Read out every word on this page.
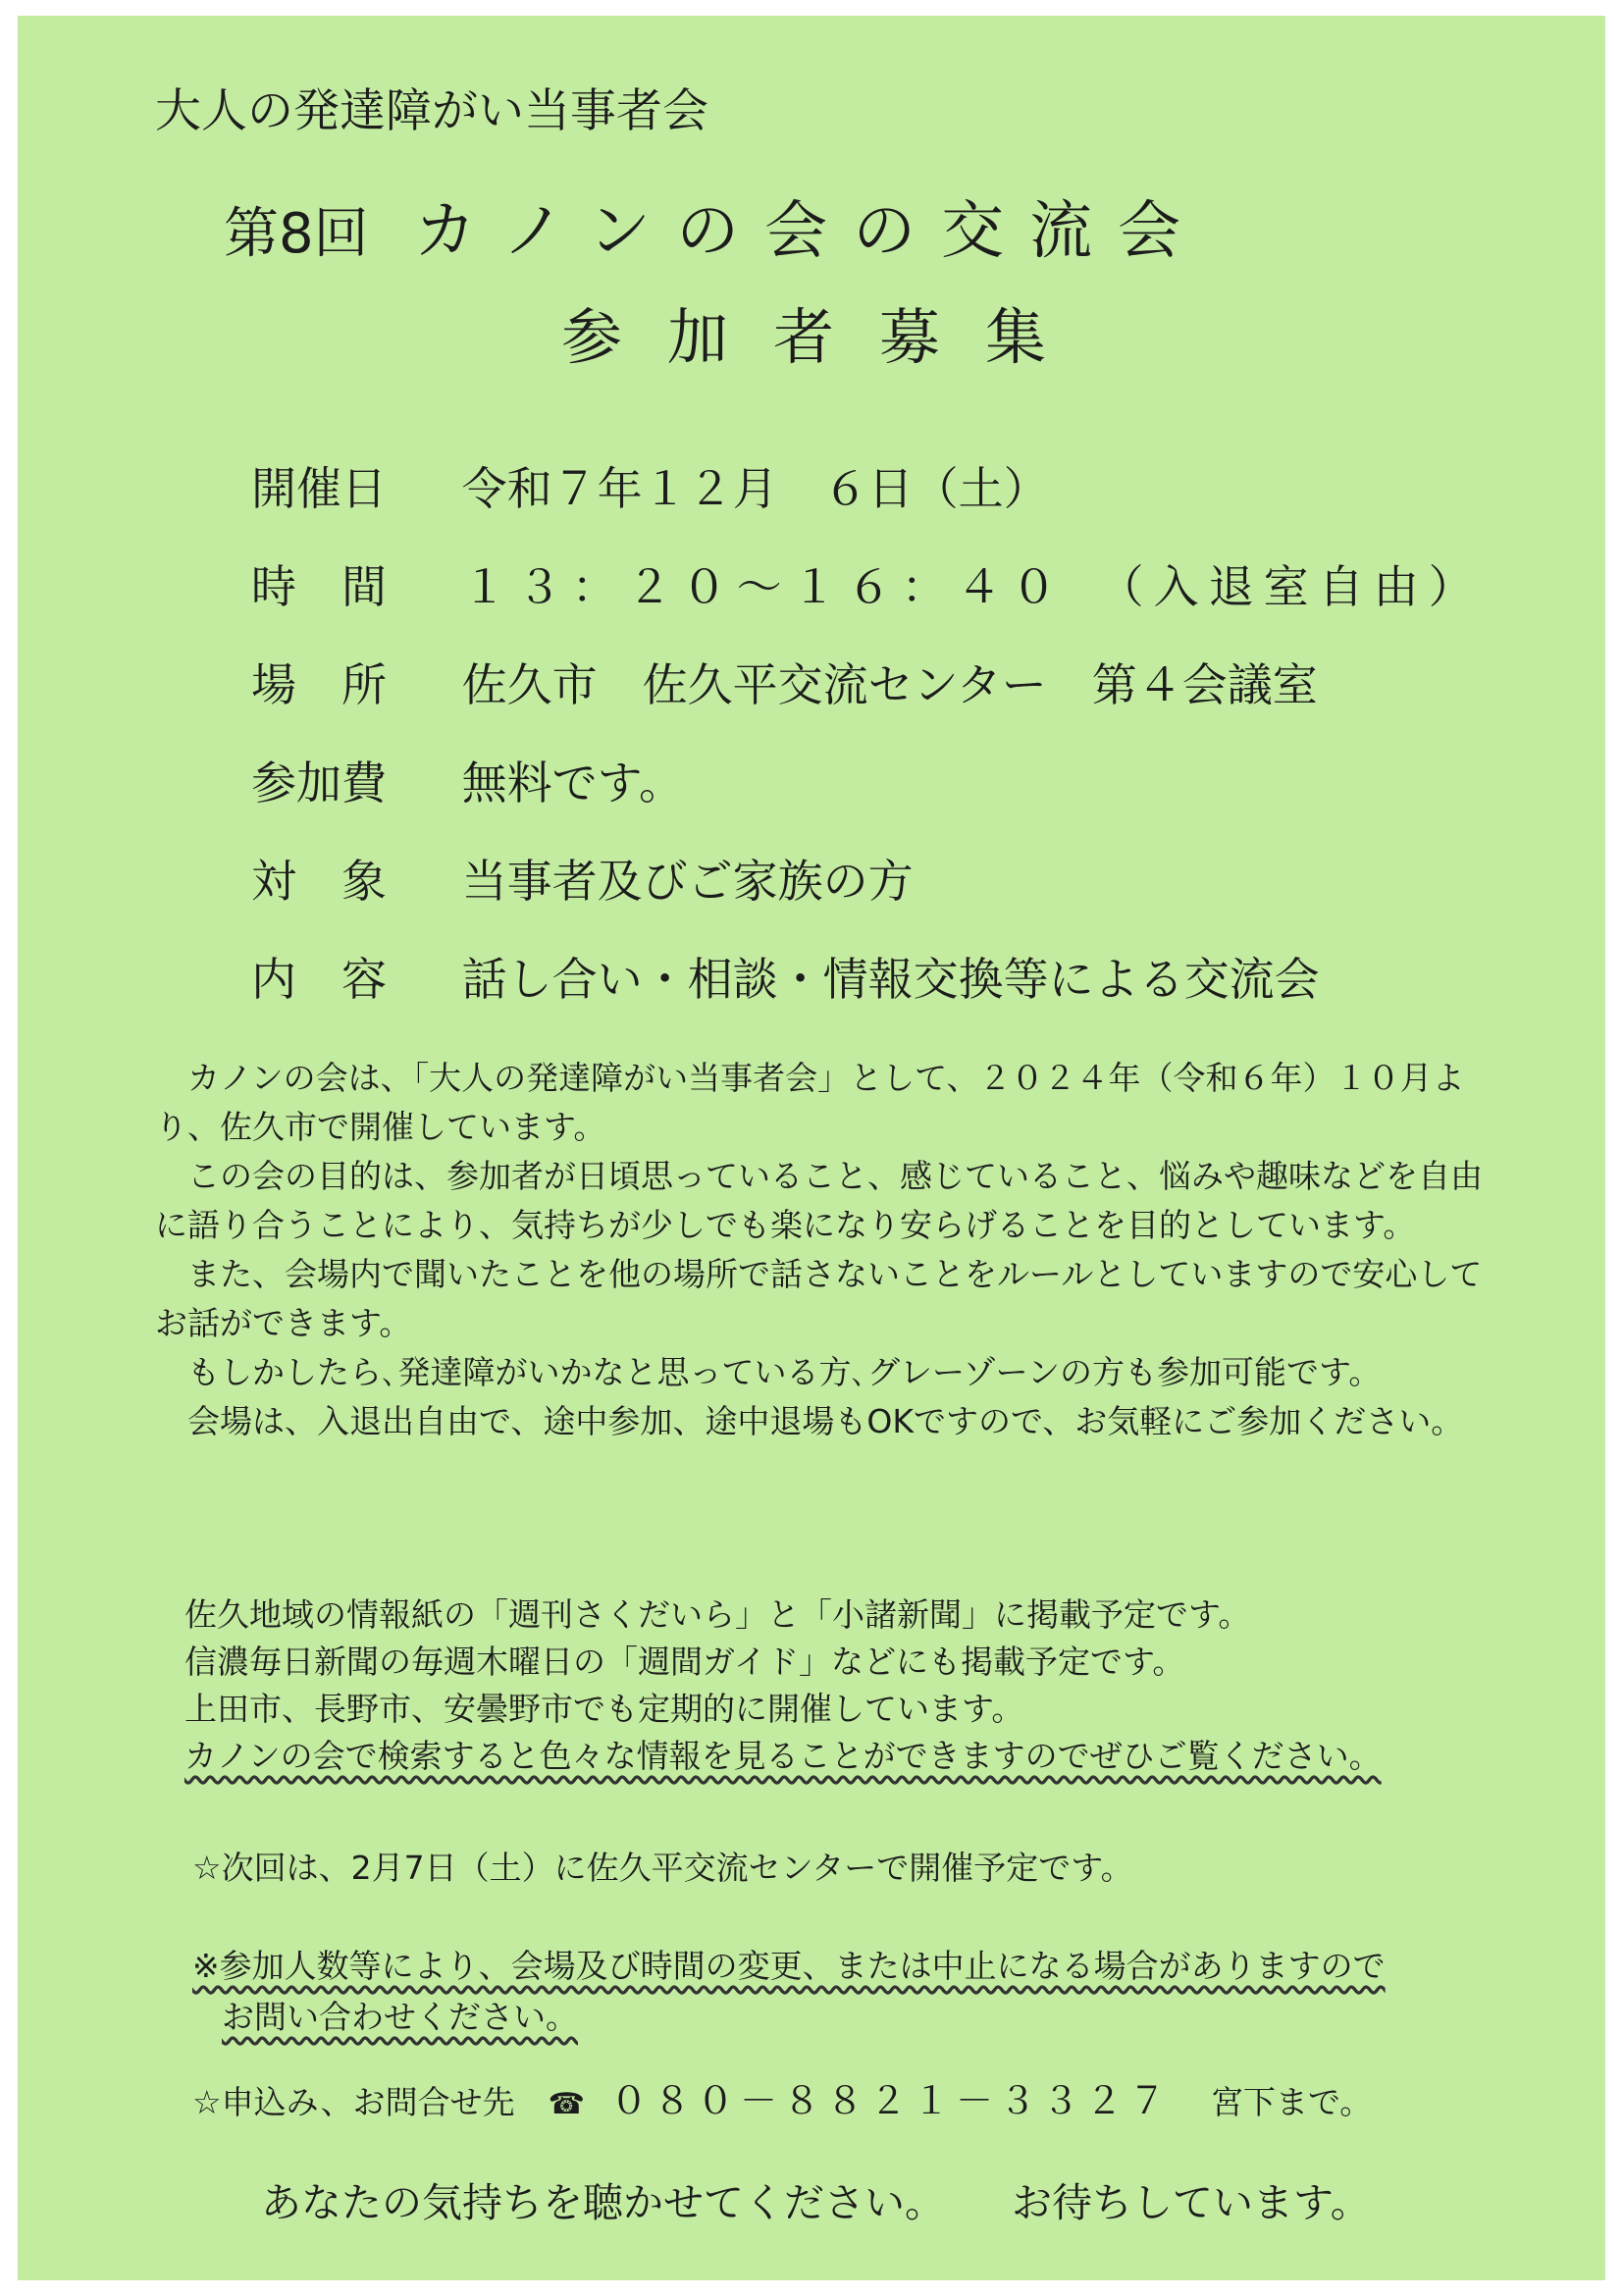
大人の発達障がい当事者会
第8回 カノンの会の交流会
参加者募集
開催日 令和７年１２月　６日（土）
時　間 １３：２０～１６：４０　（入退室自由）
場　所 佐久市　佐久平交流センター　第４会議室
参加費 無料です。
対　象 当事者及びご家族の方
内　容 話し合い・相談・情報交換等による交流会

カノンの会は、「大人の発達障がい当事者会」として、２０２４年（令和６年）１０月より、佐久市で開催しています。

この会の目的は、参加者が日頃思っていること、感じていること、悩みや趣味などを自由に語り合うことにより、気持ちが少しでも楽になり安らげることを目的としています。

また、会場内で聞いたことを他の場所で話さないことをルールとしていますので安心してお話ができます。

もしかしたら､発達障がいかなと思っている方､グレーゾーンの方も参加可能です。

会場は、入退出自由で、途中参加、途中退場もOKですので、お気軽にご参加ください。

佐久地域の情報紙の「週刊さくだいら」と「小諸新聞」に掲載予定です。
信濃毎日新聞の毎週木曜日の「週間ガイド」などにも掲載予定です。
上田市、長野市、安曇野市でも定期的に開催しています。
カノンの会で検索すると色々な情報を見ることができますのでぜひご覧ください。
☆次回は、2月7日（土）に佐久平交流センターで開催予定です。
※参加人数等により、会場及び時間の変更、または中止になる場合がありますので
お問い合わせください。
☆申込み、お問合せ先 ☎ ０８０－８８２１－３３２７ 宮下まで。
あなたの気持ちを聴かせてください。 お待ちしています。
